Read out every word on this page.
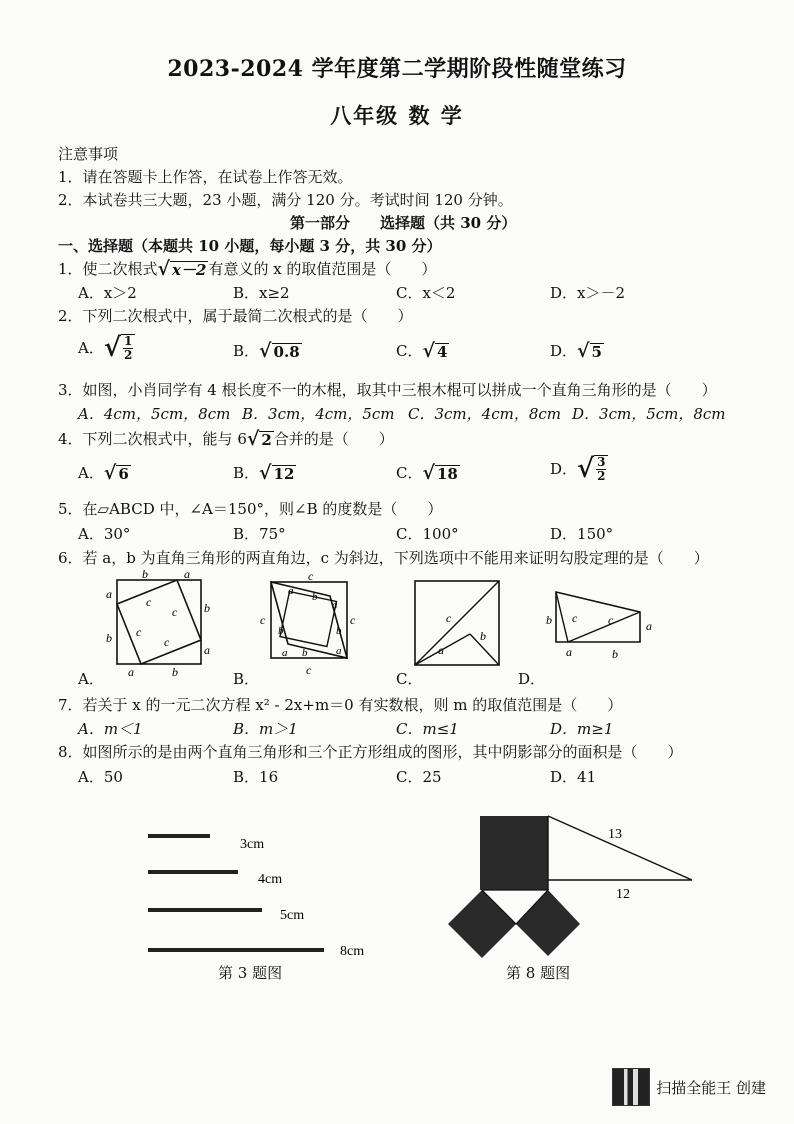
2023-2024 学年度第二学期阶段性随堂练习
八年级 数 学
注意事项
1．请在答题卡上作答，在试卷上作答无效。
2．本试卷共三大题，23 小题，满分 120 分。考试时间 120 分钟。
第一部分　　选择题（共 30 分）
一、选择题（本题共 10 小题，每小题 3 分，共 30 分）
1．使二次根式 √ x－2 有意义的 x 的取值范围是（　　）
A．x＞2	B．x≥2	C．x＜2	D．x＞－2
2．下列二次根式中，属于最简二次根式的是（　　）
A． √ $\frac{1}{2}$	B． √ 0.8	C． √ 4	D． √ 5
3．如图，小肖同学有 4 根长度不一的木棍，取其中三根木棍可以拼成一个直角三角形的是（　　）
A．4cm，5cm，8cm B．3cm，4cm，5cm C．3cm，4cm，8cm D．3cm，5cm，8cm
4．下列二次根式中，能与 6 √ 2 合并的是（　　）
A． √ 6	B． √ 12	C． √ 18	D． √ $\frac{3}{2}$
5．在▱ABCD 中，∠A＝150°，则∠B 的度数是（　　）
A．30°	B．75°	C．100°	D．150°
6．若 a，b 为直角三角形的两直角边，c 为斜边，下列选项中不能用来证明勾股定理的是（　　）
b	a
a
b
b
a
a	b
c
c
c
c
A．
c
c	c
c
a b
a
b	b
a b	a
B．
c
a
b
C．
b c	c	a
a	b
D．
7．若关于 x 的一元二次方程 x² - 2x+m＝0 有实数根，则 m 的取值范围是（　　）
A．m＜1	B．m＞1	C．m≤1	D．m≥1
8．如图所示的是由两个直角三角形和三个正方形组成的图形，其中阴影部分的面积是（　　）
A．50	B．16	C．25	D．41
3cm
4cm
5cm
8cm
第 3 题图
13
12
第 8 题图
扫描全能王 创建
